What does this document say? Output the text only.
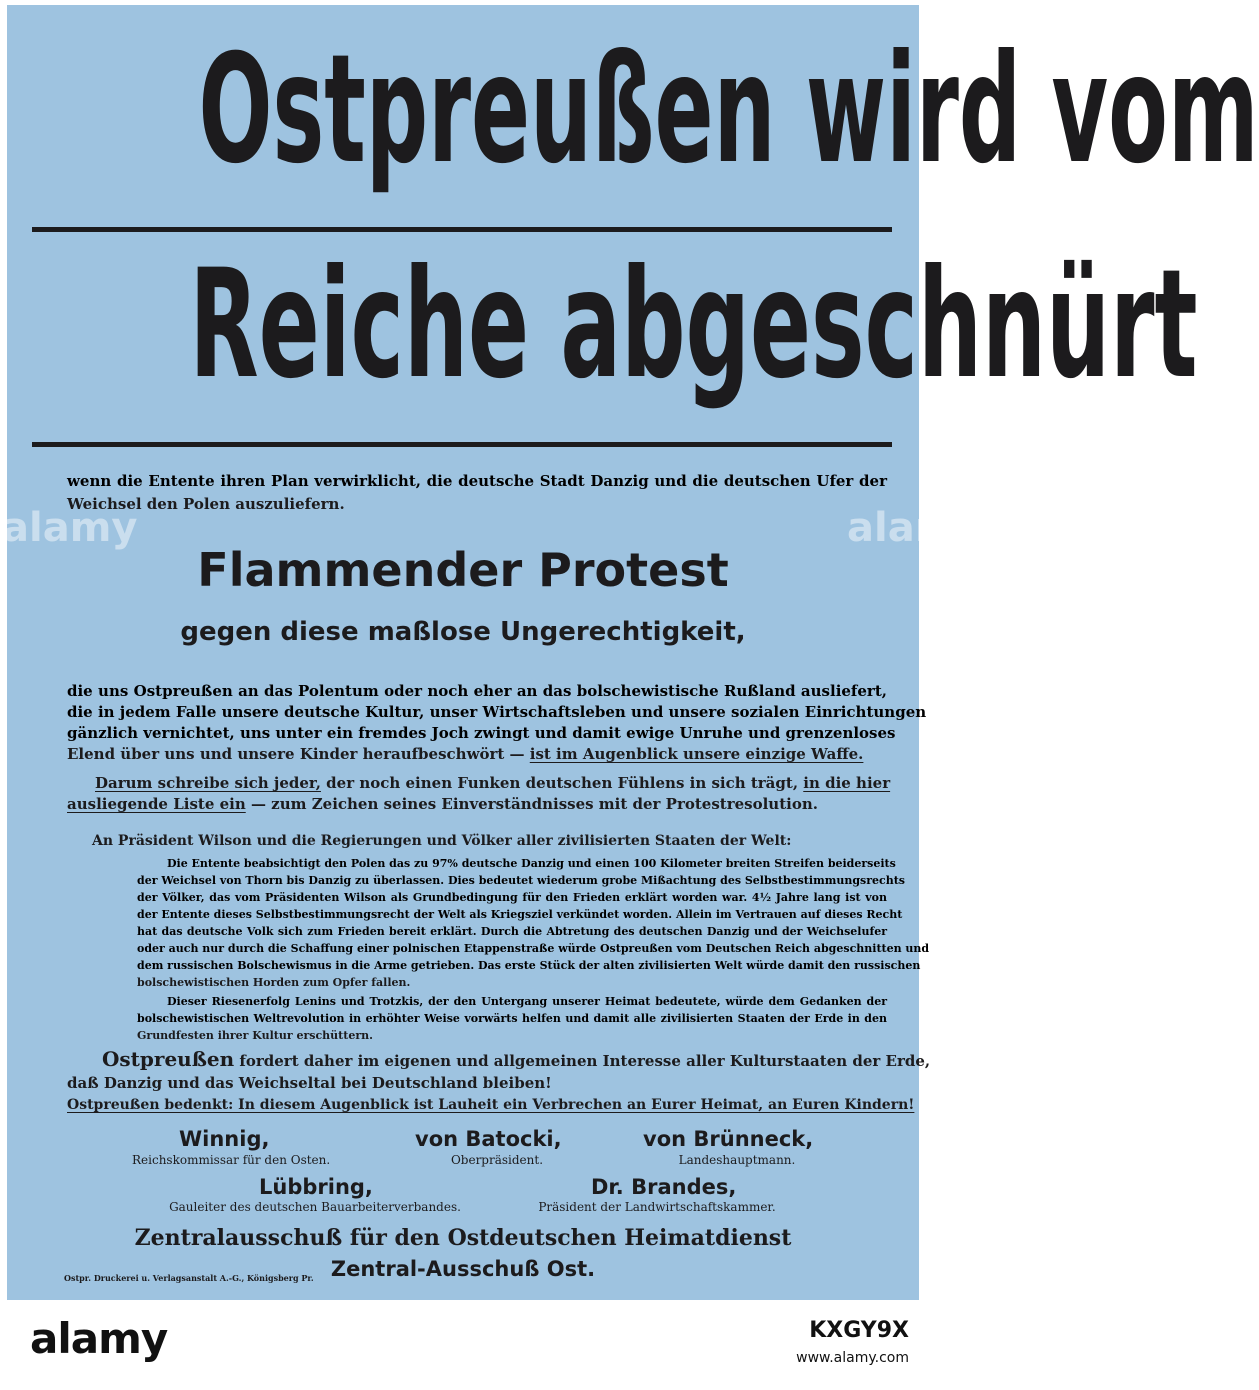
Ostpreußen wird vom
Reiche abgeschnürt
wenn die Entente ihren Plan verwirklicht, die deutsche Stadt Danzig und die deutschen Ufer der
Weichsel den Polen auszuliefern.
Flammender Protest
gegen diese maßlose Ungerechtigkeit,
die uns Ostpreußen an das Polentum oder noch eher an das bolschewistische Rußland ausliefert,
die in jedem Falle unsere deutsche Kultur, unser Wirtschaftsleben und unsere sozialen Einrichtungen
gänzlich vernichtet, uns unter ein fremdes Joch zwingt und damit ewige Unruhe und grenzenloses
Elend über uns und unsere Kinder heraufbeschwört — ist im Augenblick unsere einzige Waffe.
Darum schreibe sich jeder, der noch einen Funken deutschen Fühlens in sich trägt, in die hier
ausliegende Liste ein — zum Zeichen seines Einverständnisses mit der Protestresolution.
An Präsident Wilson und die Regierungen und Völker aller zivilisierten Staaten der Welt:
Die Entente beabsichtigt den Polen das zu 97% deutsche Danzig und einen 100 Kilometer breiten Streifen beiderseits
der Weichsel von Thorn bis Danzig zu überlassen. Dies bedeutet wiederum grobe Mißachtung des Selbstbestimmungsrechts
der Völker, das vom Präsidenten Wilson als Grundbedingung für den Frieden erklärt worden war. 4½ Jahre lang ist von
der Entente dieses Selbstbestimmungsrecht der Welt als Kriegsziel verkündet worden. Allein im Vertrauen auf dieses Recht
hat das deutsche Volk sich zum Frieden bereit erklärt. Durch die Abtretung des deutschen Danzig und der Weichselufer
oder auch nur durch die Schaffung einer polnischen Etappenstraße würde Ostpreußen vom Deutschen Reich abgeschnitten und
dem russischen Bolschewismus in die Arme getrieben. Das erste Stück der alten zivilisierten Welt würde damit den russischen
bolschewistischen Horden zum Opfer fallen.
Dieser Riesenerfolg Lenins und Trotzkis, der den Untergang unserer Heimat bedeutete, würde dem Gedanken der
bolschewistischen Weltrevolution in erhöhter Weise vorwärts helfen und damit alle zivilisierten Staaten der Erde in den
Grundfesten ihrer Kultur erschüttern.
Ostpreußen fordert daher im eigenen und allgemeinen Interesse aller Kulturstaaten der Erde,
daß Danzig und das Weichseltal bei Deutschland bleiben!
Ostpreußen bedenkt: In diesem Augenblick ist Lauheit ein Verbrechen an Eurer Heimat, an Euren Kindern!
Winnig,
Reichskommissar für den Osten.
von Batocki,
Oberpräsident.
von Brünneck,
Landeshauptmann.
Lübbring,
Gauleiter des deutschen Bauarbeiterverbandes.
Dr. Brandes,
Präsident der Landwirtschaftskammer.
Zentralausschuß für den Ostdeutschen Heimatdienst
Zentral-Ausschuß Ost.
Ostpr. Druckerei u. Verlagsanstalt A.-G., Königsberg Pr.
alamy	alamy
alamy	KXGY9X
www.alamy.com
